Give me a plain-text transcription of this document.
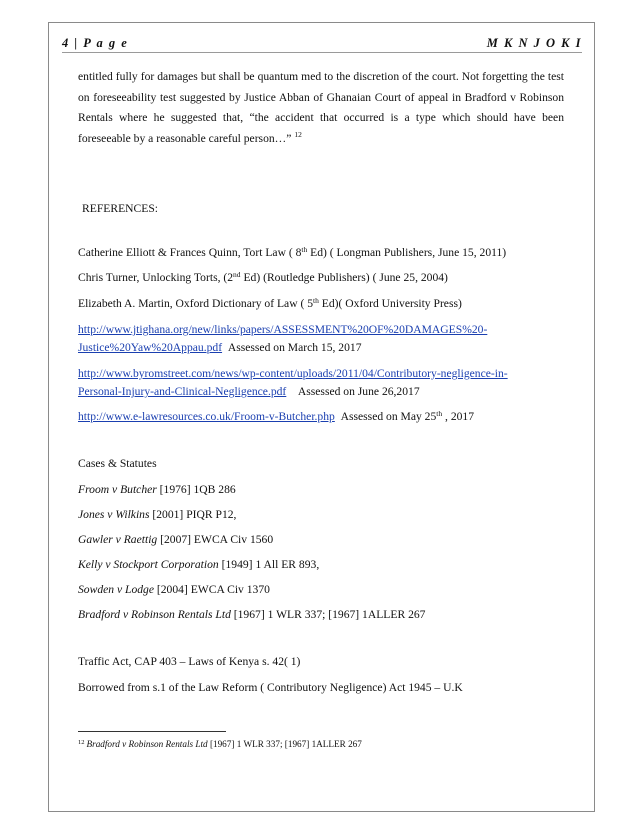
4 | P a g e	M K N J O K I

entitled fully for damages but shall be quantum med to the discretion of the court. Not forgetting the test on foreseeability test suggested by Justice Abban of Ghanaian Court of appeal in Bradford v Robinson Rentals where he suggested that, “the accident that occurred is a type which should have been foreseeable by a reasonable careful person…” $^{12}$

REFERENCES:
Catherine Elliott & Frances Quinn, Tort Law ( 8th Ed) ( Longman Publishers, June 15, 2011)
Chris Turner, Unlocking Torts, (2nd Ed) (Routledge Publishers) ( June 25, 2004)
Elizabeth A. Martin, Oxford Dictionary of Law ( 5th Ed)( Oxford University Press)
http://www.jtighana.org/new/links/papers/ASSESSMENT%20OF%20DAMAGES%20-
Justice%20Yaw%20Appau.pdf Assessed on March 15, 2017
http://www.byromstreet.com/news/wp-content/uploads/2011/04/Contributory-negligence-in-
Personal-Injury-and-Clinical-Negligence.pdf Assessed on June 26,2017
http://www.e-lawresources.co.uk/Froom-v-Butcher.php Assessed on May 25th , 2017
Cases & Statutes
Froom v Butcher [1976] 1QB 286
Jones v Wilkins [2001] PIQR P12,
Gawler v Raettig [2007] EWCA Civ 1560
Kelly v Stockport Corporation [1949] 1 All ER 893,
Sowden v Lodge [2004] EWCA Civ 1370
Bradford v Robinson Rentals Ltd [1967] 1 WLR 337; [1967] 1ALLER 267
Traffic Act, CAP 403 – Laws of Kenya s. 42( 1)
Borrowed from s.1 of the Law Reform ( Contributory Negligence) Act 1945 – U.K
$^{12}$ Bradford v Robinson Rentals Ltd [1967] 1 WLR 337; [1967] 1ALLER 267
